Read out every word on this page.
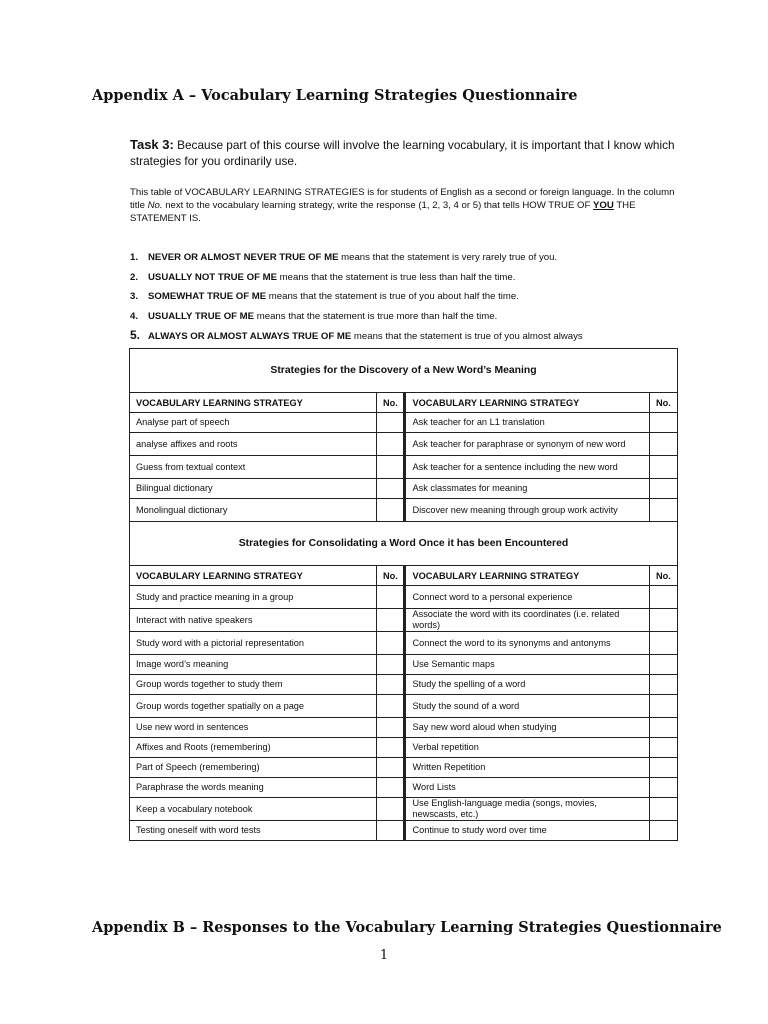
Appendix A – Vocabulary Learning Strategies Questionnaire
Task 3: Because part of this course will involve the learning vocabulary, it is important that I know which strategies for you ordinarily use.
This table of VOCABULARY LEARNING STRATEGIES is for students of English as a second or foreign language. In the column title No. next to the vocabulary learning strategy, write the response (1, 2, 3, 4 or 5) that tells HOW TRUE OF YOU THE STATEMENT IS.
1. NEVER OR ALMOST NEVER TRUE OF ME means that the statement is very rarely true of you.
2. USUALLY NOT TRUE OF ME means that the statement is true less than half the time.
3. SOMEWHAT TRUE OF ME means that the statement is true of you about half the time.
4. USUALLY TRUE OF ME means that the statement is true more than half the time.
5. ALWAYS OR ALMOST ALWAYS TRUE OF ME means that the statement is true of you almost always
Strategies for the Discovery of a New Word’s Meaning			
VOCABULARY LEARNING STRATEGY	No.	VOCABULARY LEARNING STRATEGY	No.
Analyse part of speech		Ask teacher for an L1 translation	
analyse affixes and roots		Ask teacher for paraphrase or synonym of new word	
Guess from textual context		Ask teacher for a sentence including the new word	
Bilingual dictionary		Ask classmates for meaning	
Monolingual dictionary		Discover new meaning through group work activity	
Strategies for Consolidating a Word Once it has been Encountered			
VOCABULARY LEARNING STRATEGY	No.	VOCABULARY LEARNING STRATEGY	No.
Study and practice meaning in a group		Connect word to a personal experience	
Interact with native speakers		Associate the word with its coordinates (i.e. related words)	
Study word with a pictorial representation		Connect the word to its synonyms and antonyms	
Image word’s meaning		Use Semantic maps	
Group words together to study them		Study the spelling of a word	
Group words together spatially on a page		Study the sound of a word	
Use new word in sentences		Say new word aloud when studying	
Affixes and Roots (remembering)		Verbal repetition	
Part of Speech (remembering)		Written Repetition	
Paraphrase the words meaning		Word Lists	
Keep a vocabulary notebook		Use English-language media (songs, movies, newscasts, etc.)	
Testing oneself with word tests		Continue to study word over time	
Appendix B – Responses to the Vocabulary Learning Strategies Questionnaire
1
